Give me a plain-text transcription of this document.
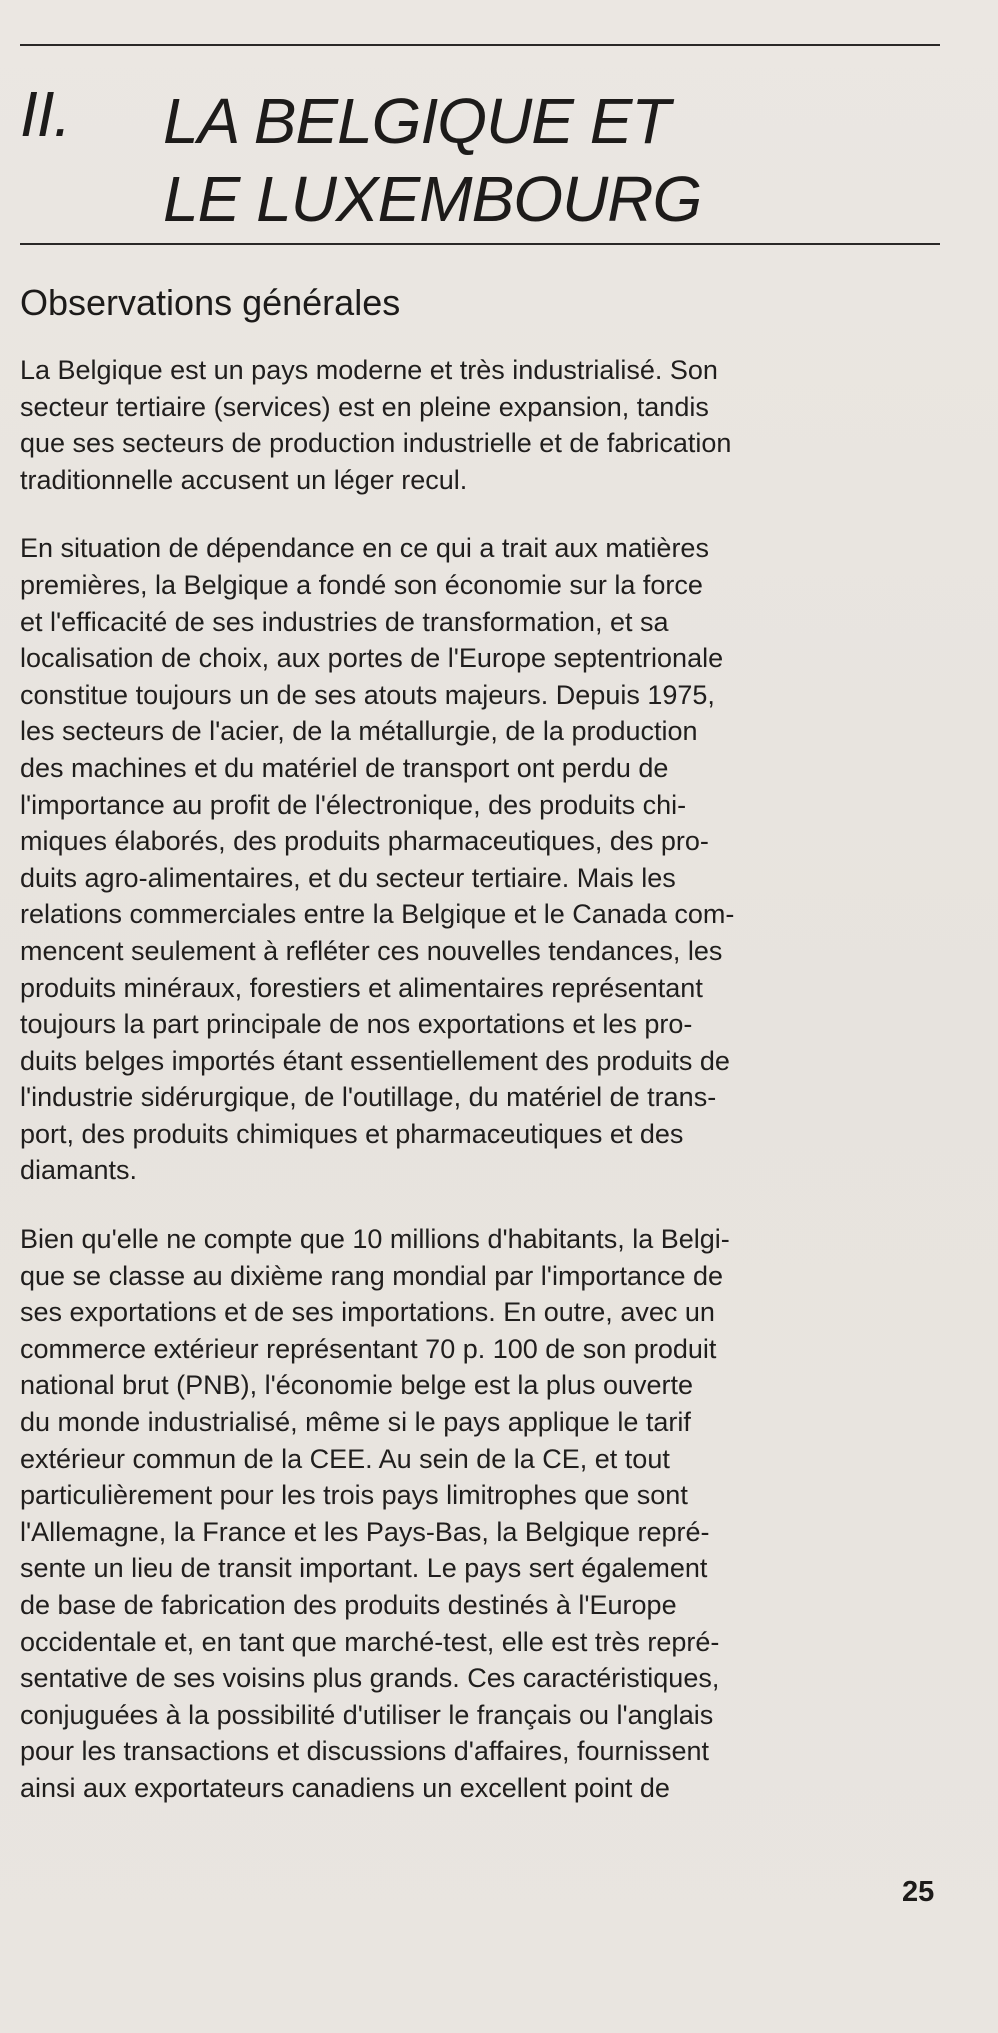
II. LA BELGIQUE ET
LE LUXEMBOURG
Observations générales

La Belgique est un pays moderne et très industrialisé. Son
secteur tertiaire (services) est en pleine expansion, tandis
que ses secteurs de production industrielle et de fabrication
traditionnelle accusent un léger recul.

En situation de dépendance en ce qui a trait aux matières
premières, la Belgique a fondé son économie sur la force
et l'efficacité de ses industries de transformation, et sa
localisation de choix, aux portes de l'Europe septentrionale
constitue toujours un de ses atouts majeurs. Depuis 1975,
les secteurs de l'acier, de la métallurgie, de la production
des machines et du matériel de transport ont perdu de
l'importance au profit de l'électronique, des produits chi-
miques élaborés, des produits pharmaceutiques, des pro-
duits agro-alimentaires, et du secteur tertiaire. Mais les
relations commerciales entre la Belgique et le Canada com-
mencent seulement à refléter ces nouvelles tendances, les
produits minéraux, forestiers et alimentaires représentant
toujours la part principale de nos exportations et les pro-
duits belges importés étant essentiellement des produits de
l'industrie sidérurgique, de l'outillage, du matériel de trans-
port, des produits chimiques et pharmaceutiques et des
diamants.

Bien qu'elle ne compte que 10 millions d'habitants, la Belgi-
que se classe au dixième rang mondial par l'importance de
ses exportations et de ses importations. En outre, avec un
commerce extérieur représentant 70 p. 100 de son produit
national brut (PNB), l'économie belge est la plus ouverte
du monde industrialisé, même si le pays applique le tarif
extérieur commun de la CEE. Au sein de la CE, et tout
particulièrement pour les trois pays limitrophes que sont
l'Allemagne, la France et les Pays-Bas, la Belgique repré-
sente un lieu de transit important. Le pays sert également
de base de fabrication des produits destinés à l'Europe
occidentale et, en tant que marché-test, elle est très repré-
sentative de ses voisins plus grands. Ces caractéristiques,
conjuguées à la possibilité d'utiliser le français ou l'anglais
pour les transactions et discussions d'affaires, fournissent
ainsi aux exportateurs canadiens un excellent point de

25
